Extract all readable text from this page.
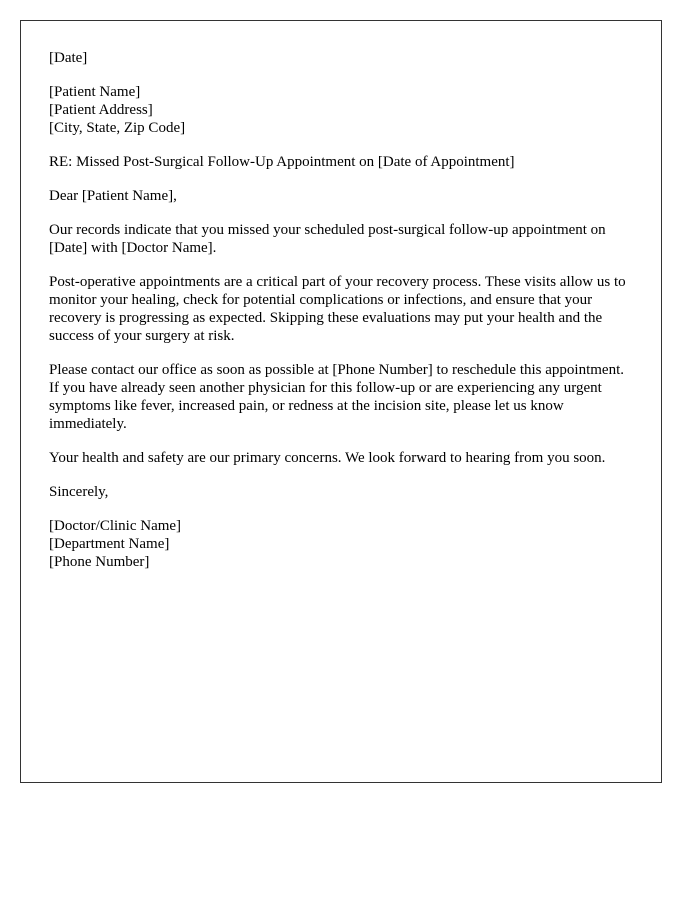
[Date]

[Patient Name]
[Patient Address]
[City, State, Zip Code]

RE: Missed Post-Surgical Follow-Up Appointment on [Date of Appointment]

Dear [Patient Name],

Our records indicate that you missed your scheduled post-surgical follow-up appointment on [Date] with [Doctor Name].

Post-operative appointments are a critical part of your recovery process. These visits allow us to monitor your healing, check for potential complications or infections, and ensure that your recovery is progressing as expected. Skipping these evaluations may put your health and the success of your surgery at risk.

Please contact our office as soon as possible at [Phone Number] to reschedule this appointment. If you have already seen another physician for this follow-up or are experiencing any urgent symptoms like fever, increased pain, or redness at the incision site, please let us know immediately.

Your health and safety are our primary concerns. We look forward to hearing from you soon.

Sincerely,

[Doctor/Clinic Name]
[Department Name]
[Phone Number]
